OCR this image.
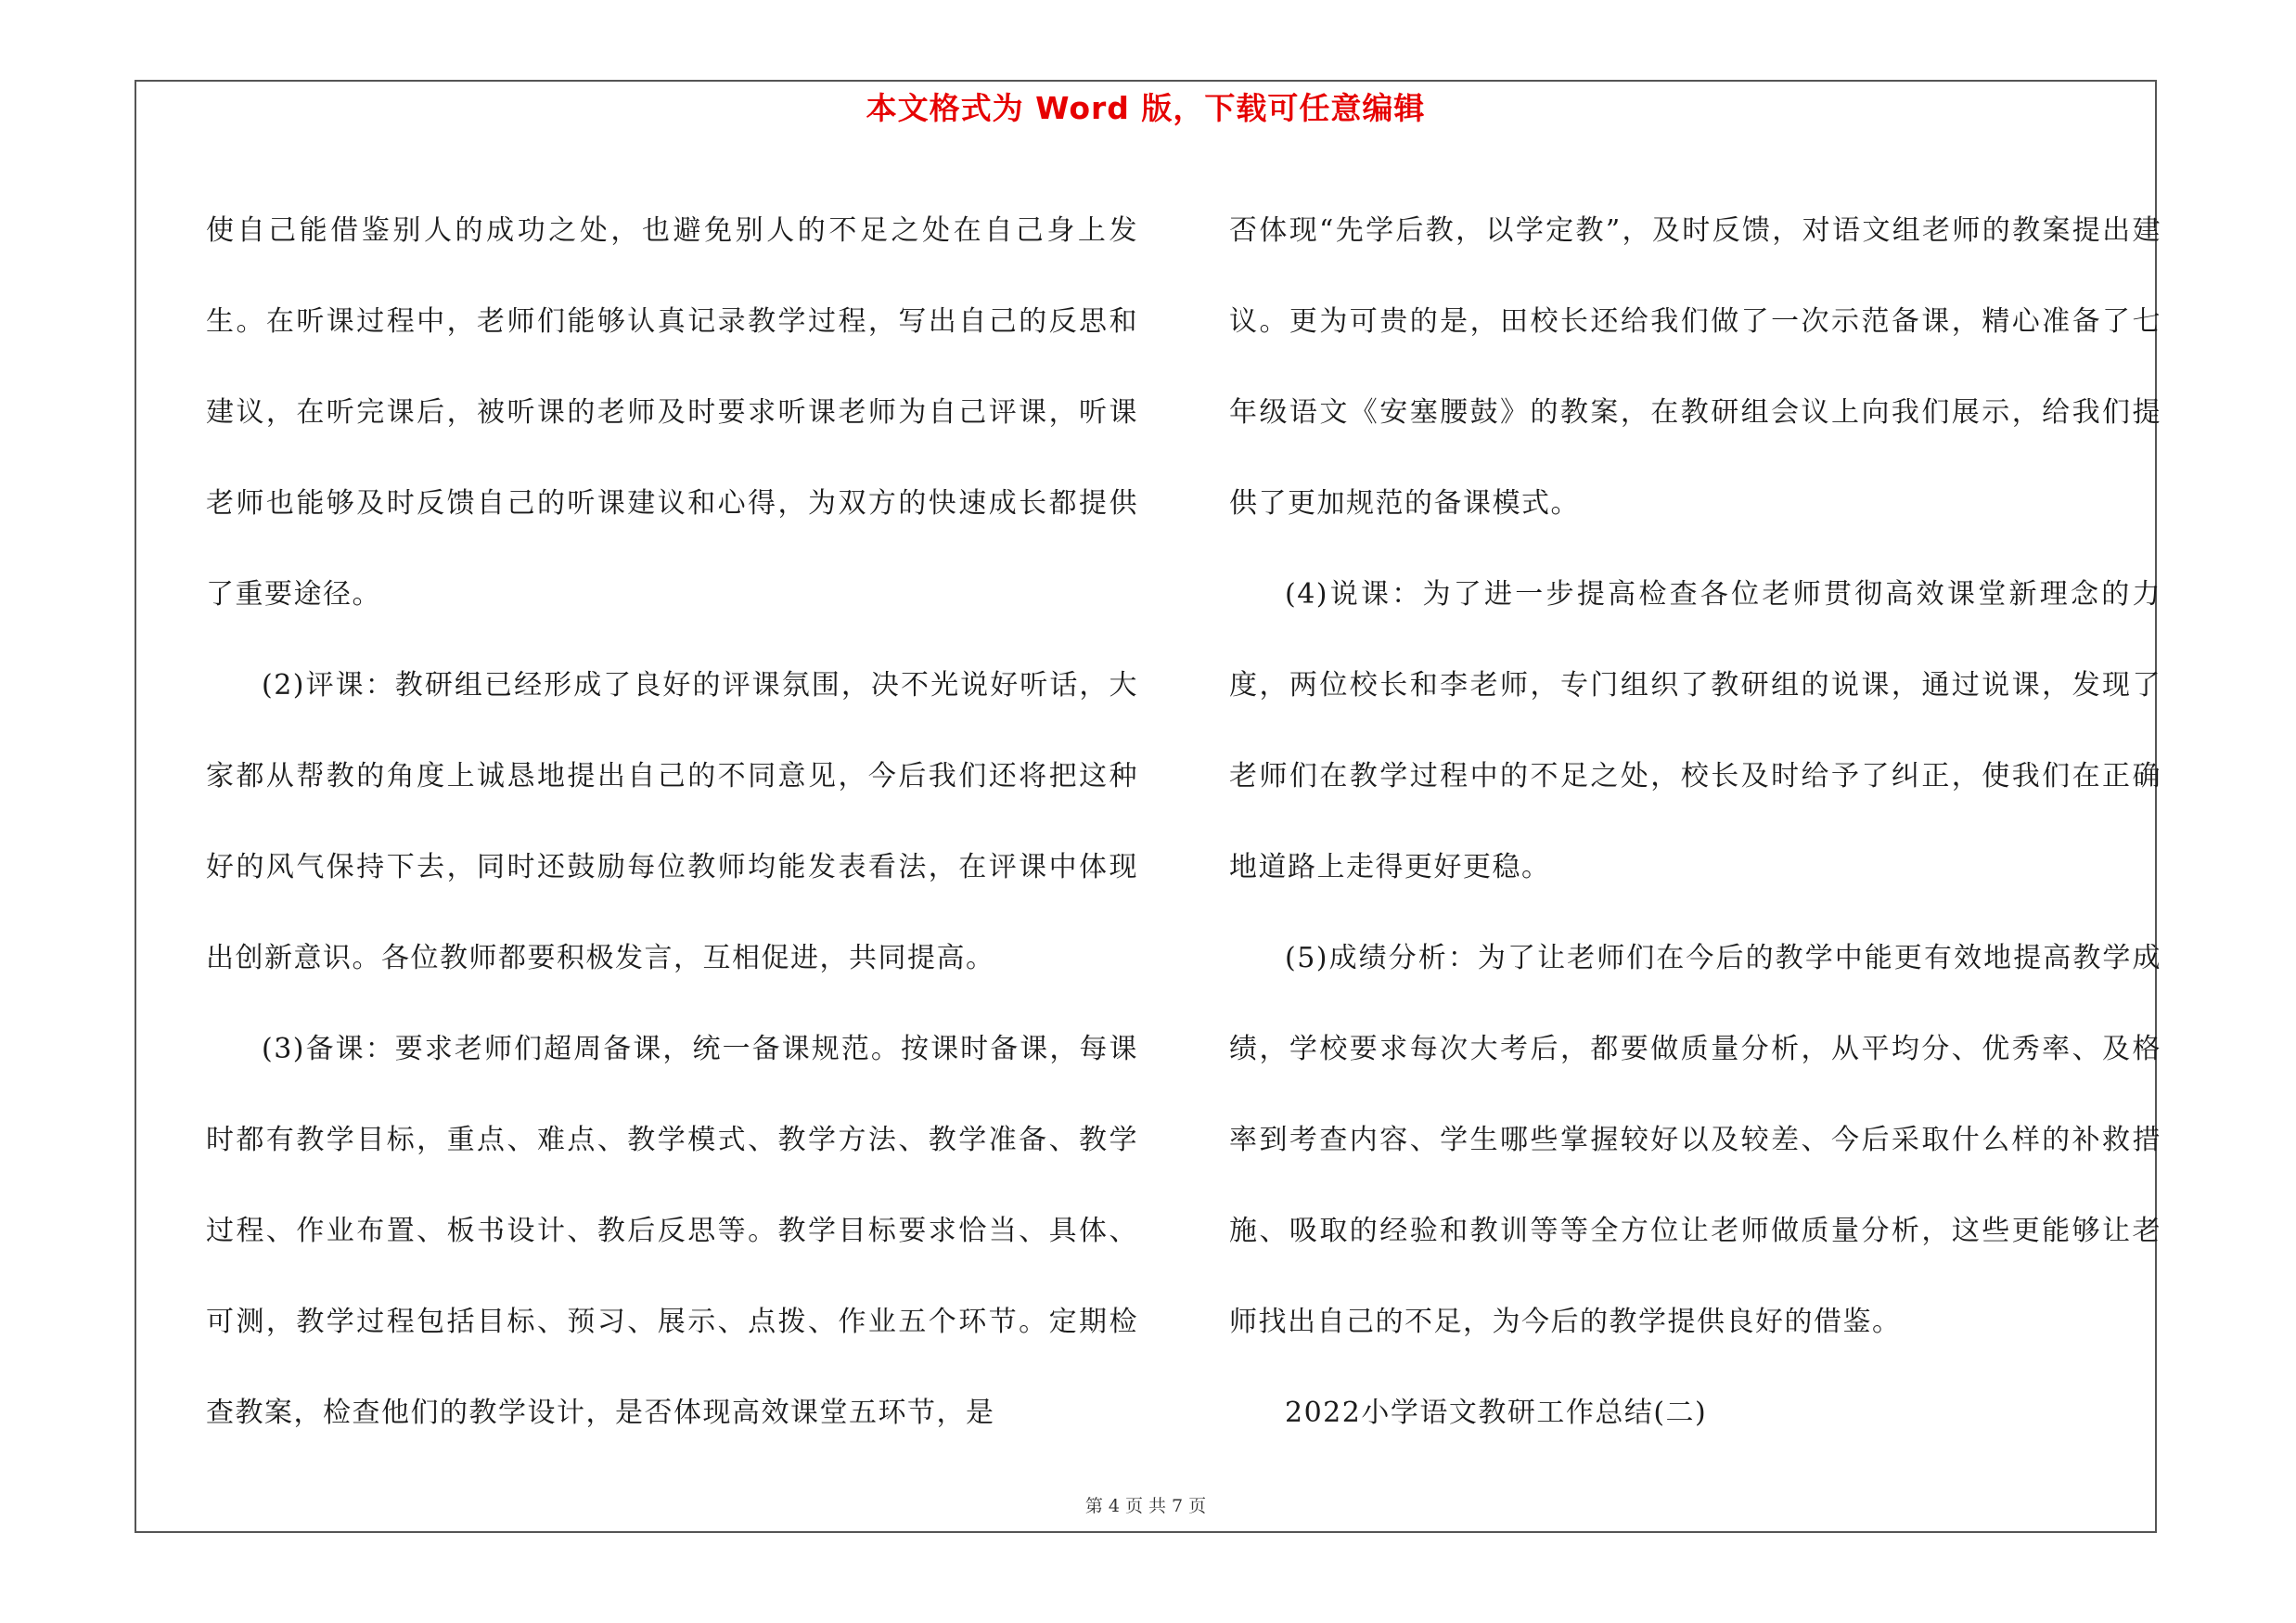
本文格式为 Word 版，下载可任意编辑

使自己能借鉴别人的成功之处，也避免别人的不足之处在自己身上发生。在听课过程中，老师们能够认真记录教学过程，写出自己的反思和建议，在听完课后，被听课的老师及时要求听课老师为自己评课，听课老师也能够及时反馈自己的听课建议和心得，为双方的快速成长都提供了重要途径。

(2)评课：教研组已经形成了良好的评课氛围，决不光说好听话，大家都从帮教的角度上诚恳地提出自己的不同意见，今后我们还将把这种好的风气保持下去，同时还鼓励每位教师均能发表看法，在评课中体现出创新意识。各位教师都要积极发言，互相促进，共同提高。

(3)备课：要求老师们超周备课，统一备课规范。按课时备课，每课时都有教学目标，重点、难点、教学模式、教学方法、教学准备、教学过程、作业布置、板书设计、教后反思等。教学目标要求恰当、具体、可测，教学过程包括目标、预习、展示、点拨、作业五个环节。定期检查教案，检查他们的教学设计，是否体现高效课堂五环节，是

否体现“先学后教，以学定教”，及时反馈，对语文组老师的教案提出建议。更为可贵的是，田校长还给我们做了一次示范备课，精心准备了七年级语文《安塞腰鼓》的教案，在教研组会议上向我们展示，给我们提供了更加规范的备课模式。

(4)说课：为了进一步提高检查各位老师贯彻高效课堂新理念的力度，两位校长和李老师，专门组织了教研组的说课，通过说课，发现了老师们在教学过程中的不足之处，校长及时给予了纠正，使我们在正确地道路上走得更好更稳。

(5)成绩分析：为了让老师们在今后的教学中能更有效地提高教学成绩，学校要求每次大考后，都要做质量分析，从平均分、优秀率、及格率到考查内容、学生哪些掌握较好以及较差、今后采取什么样的补救措施、吸取的经验和教训等等全方位让老师做质量分析，这些更能够让老师找出自己的不足，为今后的教学提供良好的借鉴。

2022小学语文教研工作总结(二)

第 4 页 共 7 页
